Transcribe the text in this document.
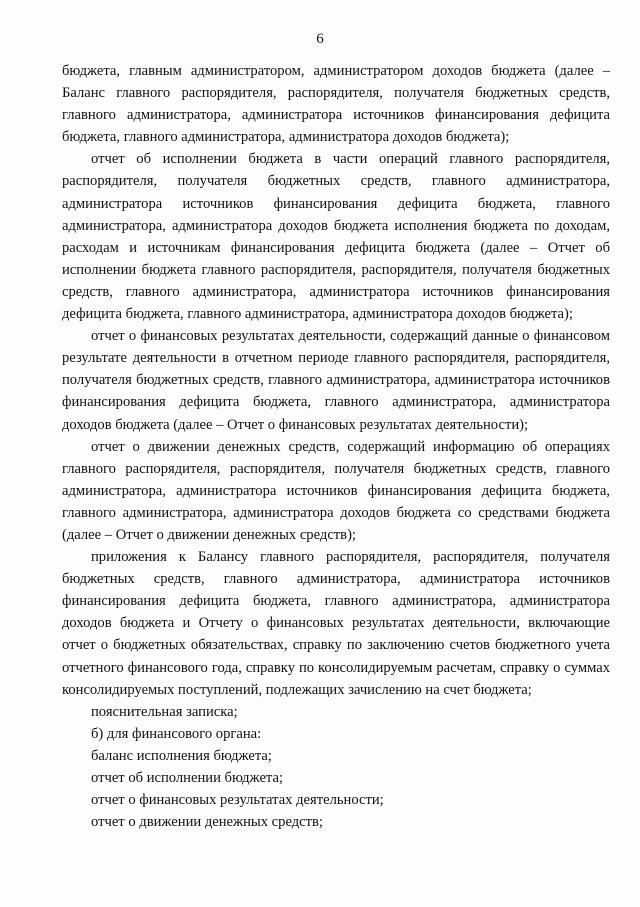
6

бюджета, главным администратором, администратором доходов бюджета (далее – Баланс главного распорядителя, распорядителя, получателя бюджетных средств, главного администратора, администратора источников финансирования дефицита бюджета, главного администратора, администратора доходов бюджета);

отчет об исполнении бюджета в части операций главного распорядителя, распорядителя, получателя бюджетных средств, главного администратора, администратора источников финансирования дефицита бюджета, главного администратора, администратора доходов бюджета исполнения бюджета по доходам, расходам и источникам финансирования дефицита бюджета (далее – Отчет об исполнении бюджета главного распорядителя, распорядителя, получателя бюджетных средств, главного администратора, администратора источников финансирования дефицита бюджета, главного администратора, администратора доходов бюджета);

отчет о финансовых результатах деятельности, содержащий данные о финансовом результате деятельности в отчетном периоде главного распорядителя, распорядителя, получателя бюджетных средств, главного администратора, администратора источников финансирования дефицита бюджета, главного администратора, администратора доходов бюджета (далее – Отчет о финансовых результатах деятельности);

отчет о движении денежных средств, содержащий информацию об операциях главного распорядителя, распорядителя, получателя бюджетных средств, главного администратора, администратора источников финансирования дефицита бюджета, главного администратора, администратора доходов бюджета со средствами бюджета (далее – Отчет о движении денежных средств);

приложения к Балансу главного распорядителя, распорядителя, получателя бюджетных средств, главного администратора, администратора источников финансирования дефицита бюджета, главного администратора, администратора доходов бюджета и Отчету о финансовых результатах деятельности, включающие отчет о бюджетных обязательствах, справку по заключению счетов бюджетного учета отчетного финансового года, справку по консолидируемым расчетам, справку о суммах консолидируемых поступлений, подлежащих зачислению на счет бюджета;

пояснительная записка;

б) для финансового органа:

баланс исполнения бюджета;

отчет об исполнении бюджета;

отчет о финансовых результатах деятельности;

отчет о движении денежных средств;
